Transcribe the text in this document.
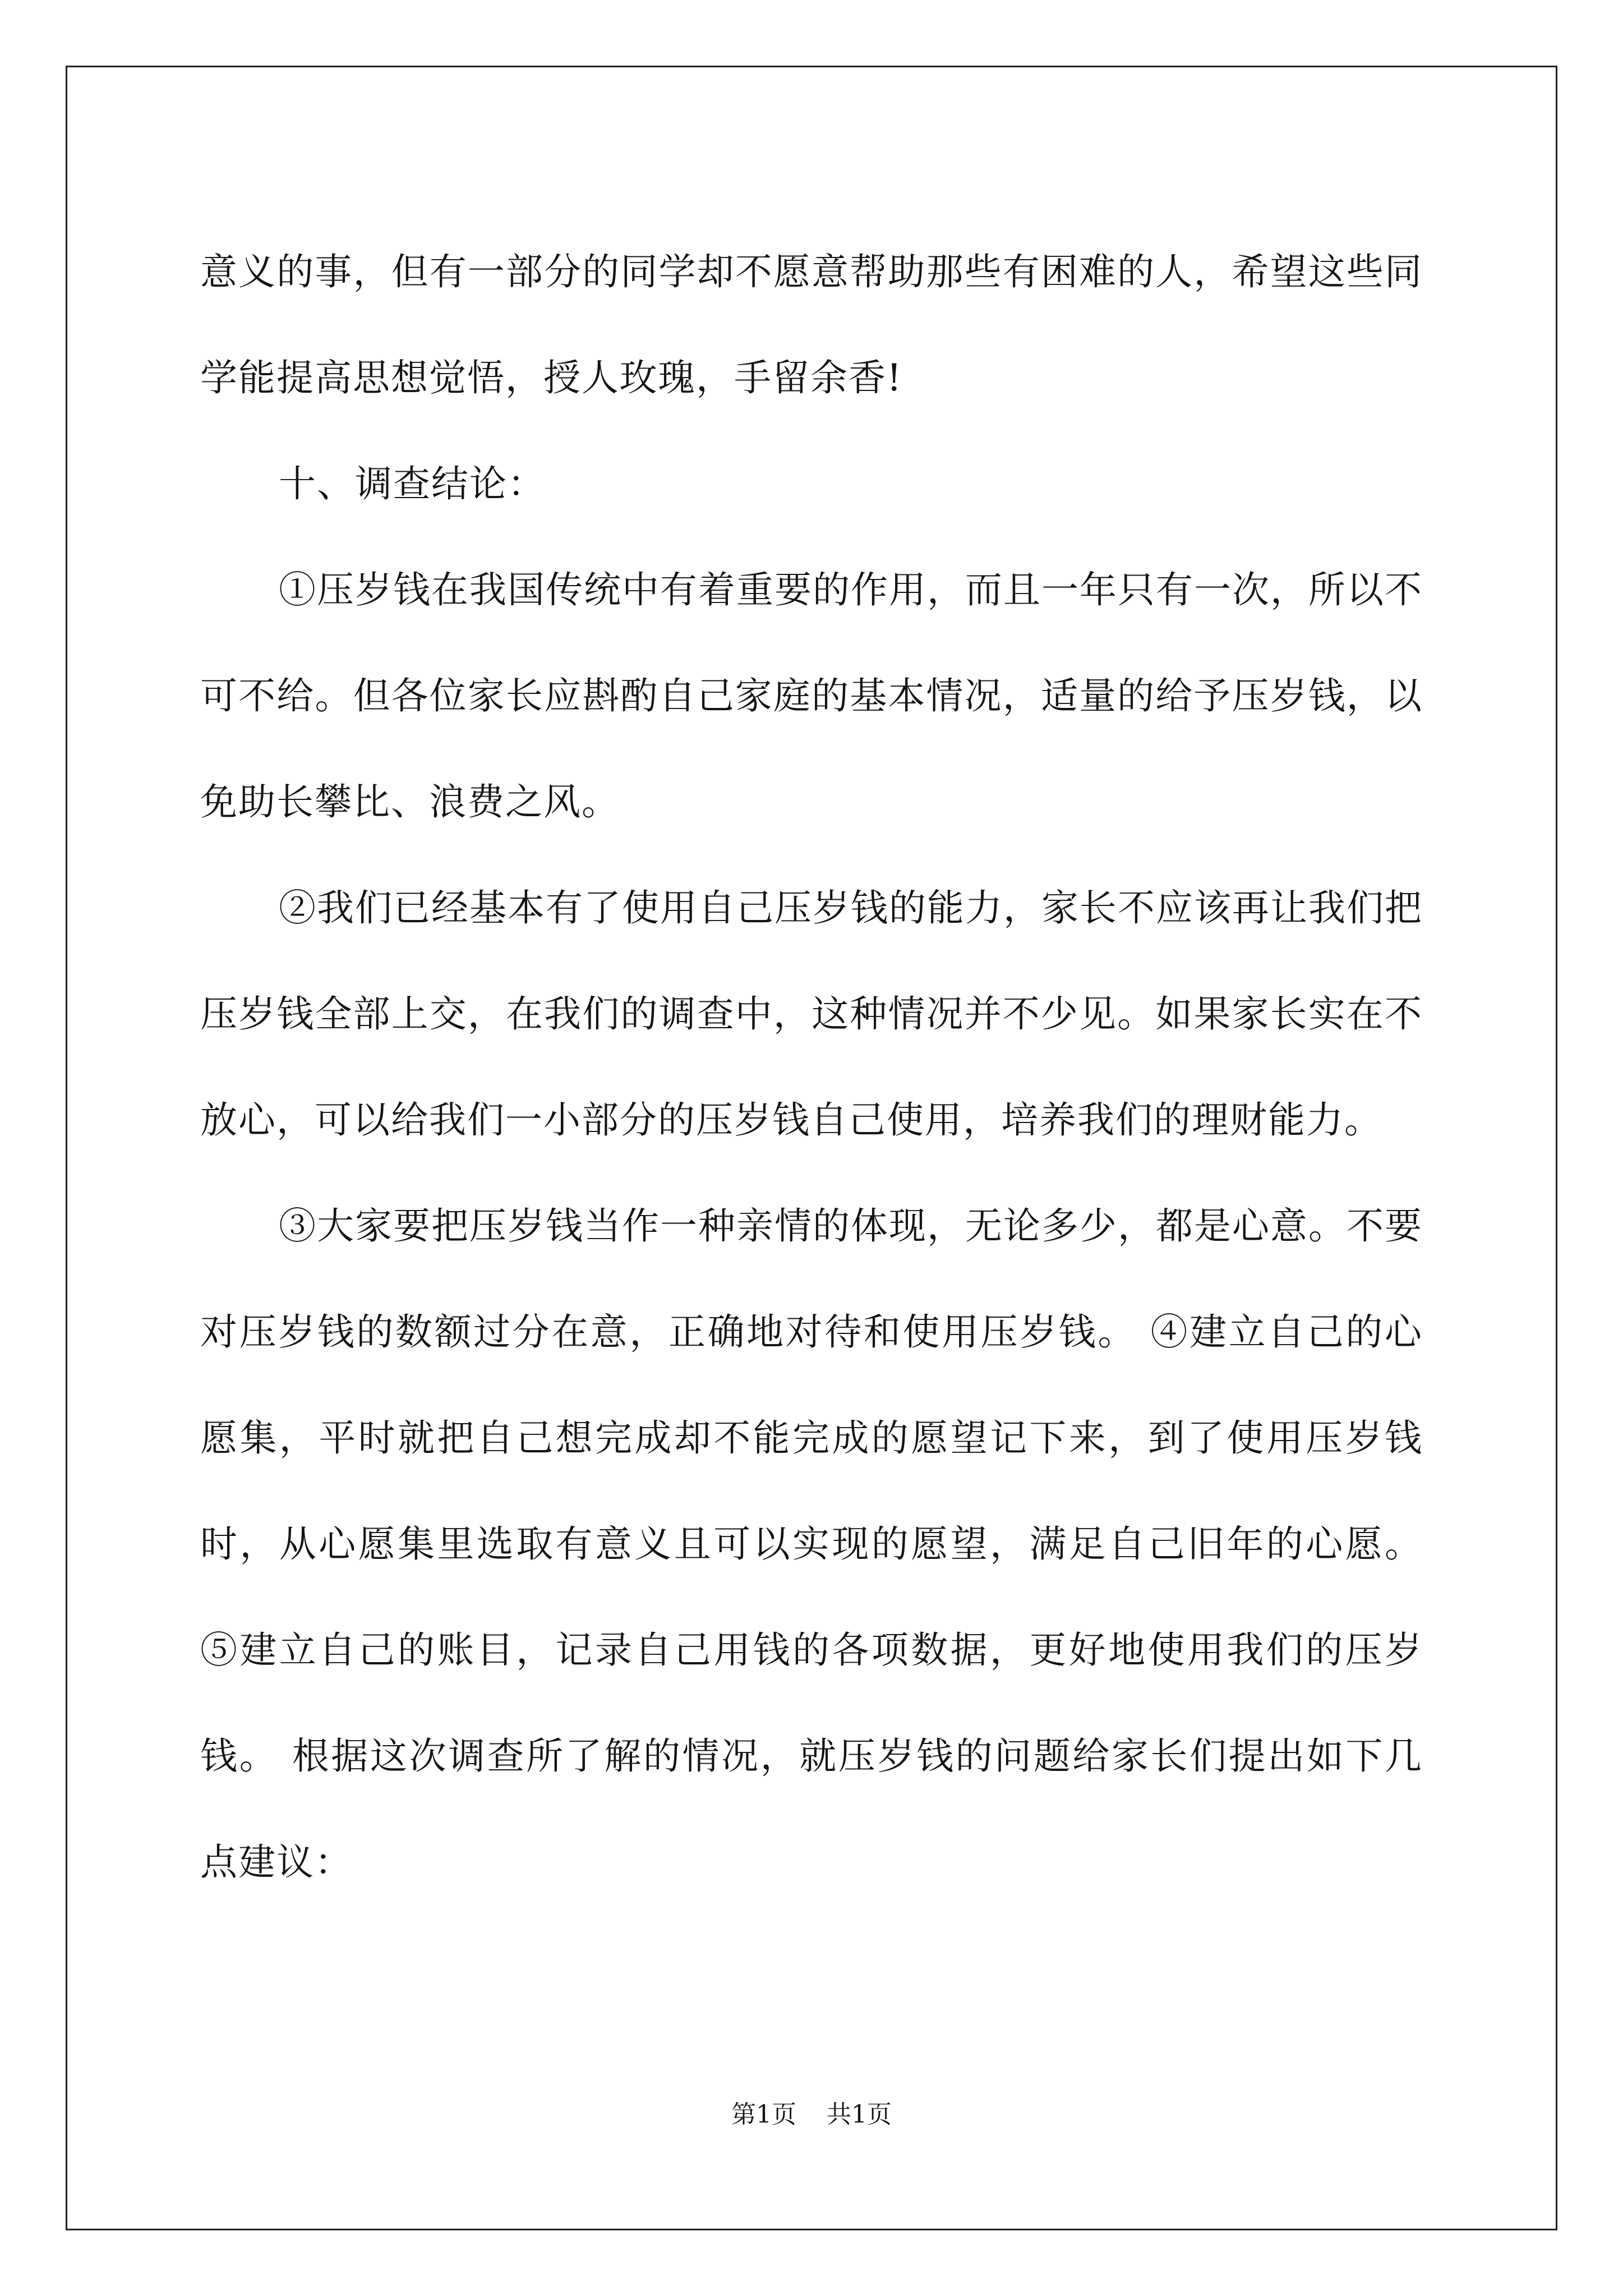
意义的事，但有一部分的同学却不愿意帮助那些有困难的人，希望这些同学能提高思想觉悟，授人玫瑰，手留余香!

十、调查结论：

①压岁钱在我国传统中有着重要的作用，而且一年只有一次，所以不可不给。但各位家长应斟酌自己家庭的基本情况，适量的给予压岁钱，以免助长攀比、浪费之风。

②我们已经基本有了使用自己压岁钱的能力，家长不应该再让我们把压岁钱全部上交，在我们的调查中，这种情况并不少见。如果家长实在不放心，可以给我们一小部分的压岁钱自己使用，培养我们的理财能力。

③大家要把压岁钱当作一种亲情的体现，无论多少，都是心意。不要对压岁钱的数额过分在意，正确地对待和使用压岁钱。 ④建立自己的心愿集，平时就把自己想完成却不能完成的愿望记下来，到了使用压岁钱时，从心愿集里选取有意义且可以实现的愿望，满足自己旧年的心愿。 ⑤建立自己的账目，记录自己用钱的各项数据，更好地使用我们的压岁钱。 根据这次调查所了解的情况，就压岁钱的问题给家长们提出如下几点建议：

第1页 共1页
